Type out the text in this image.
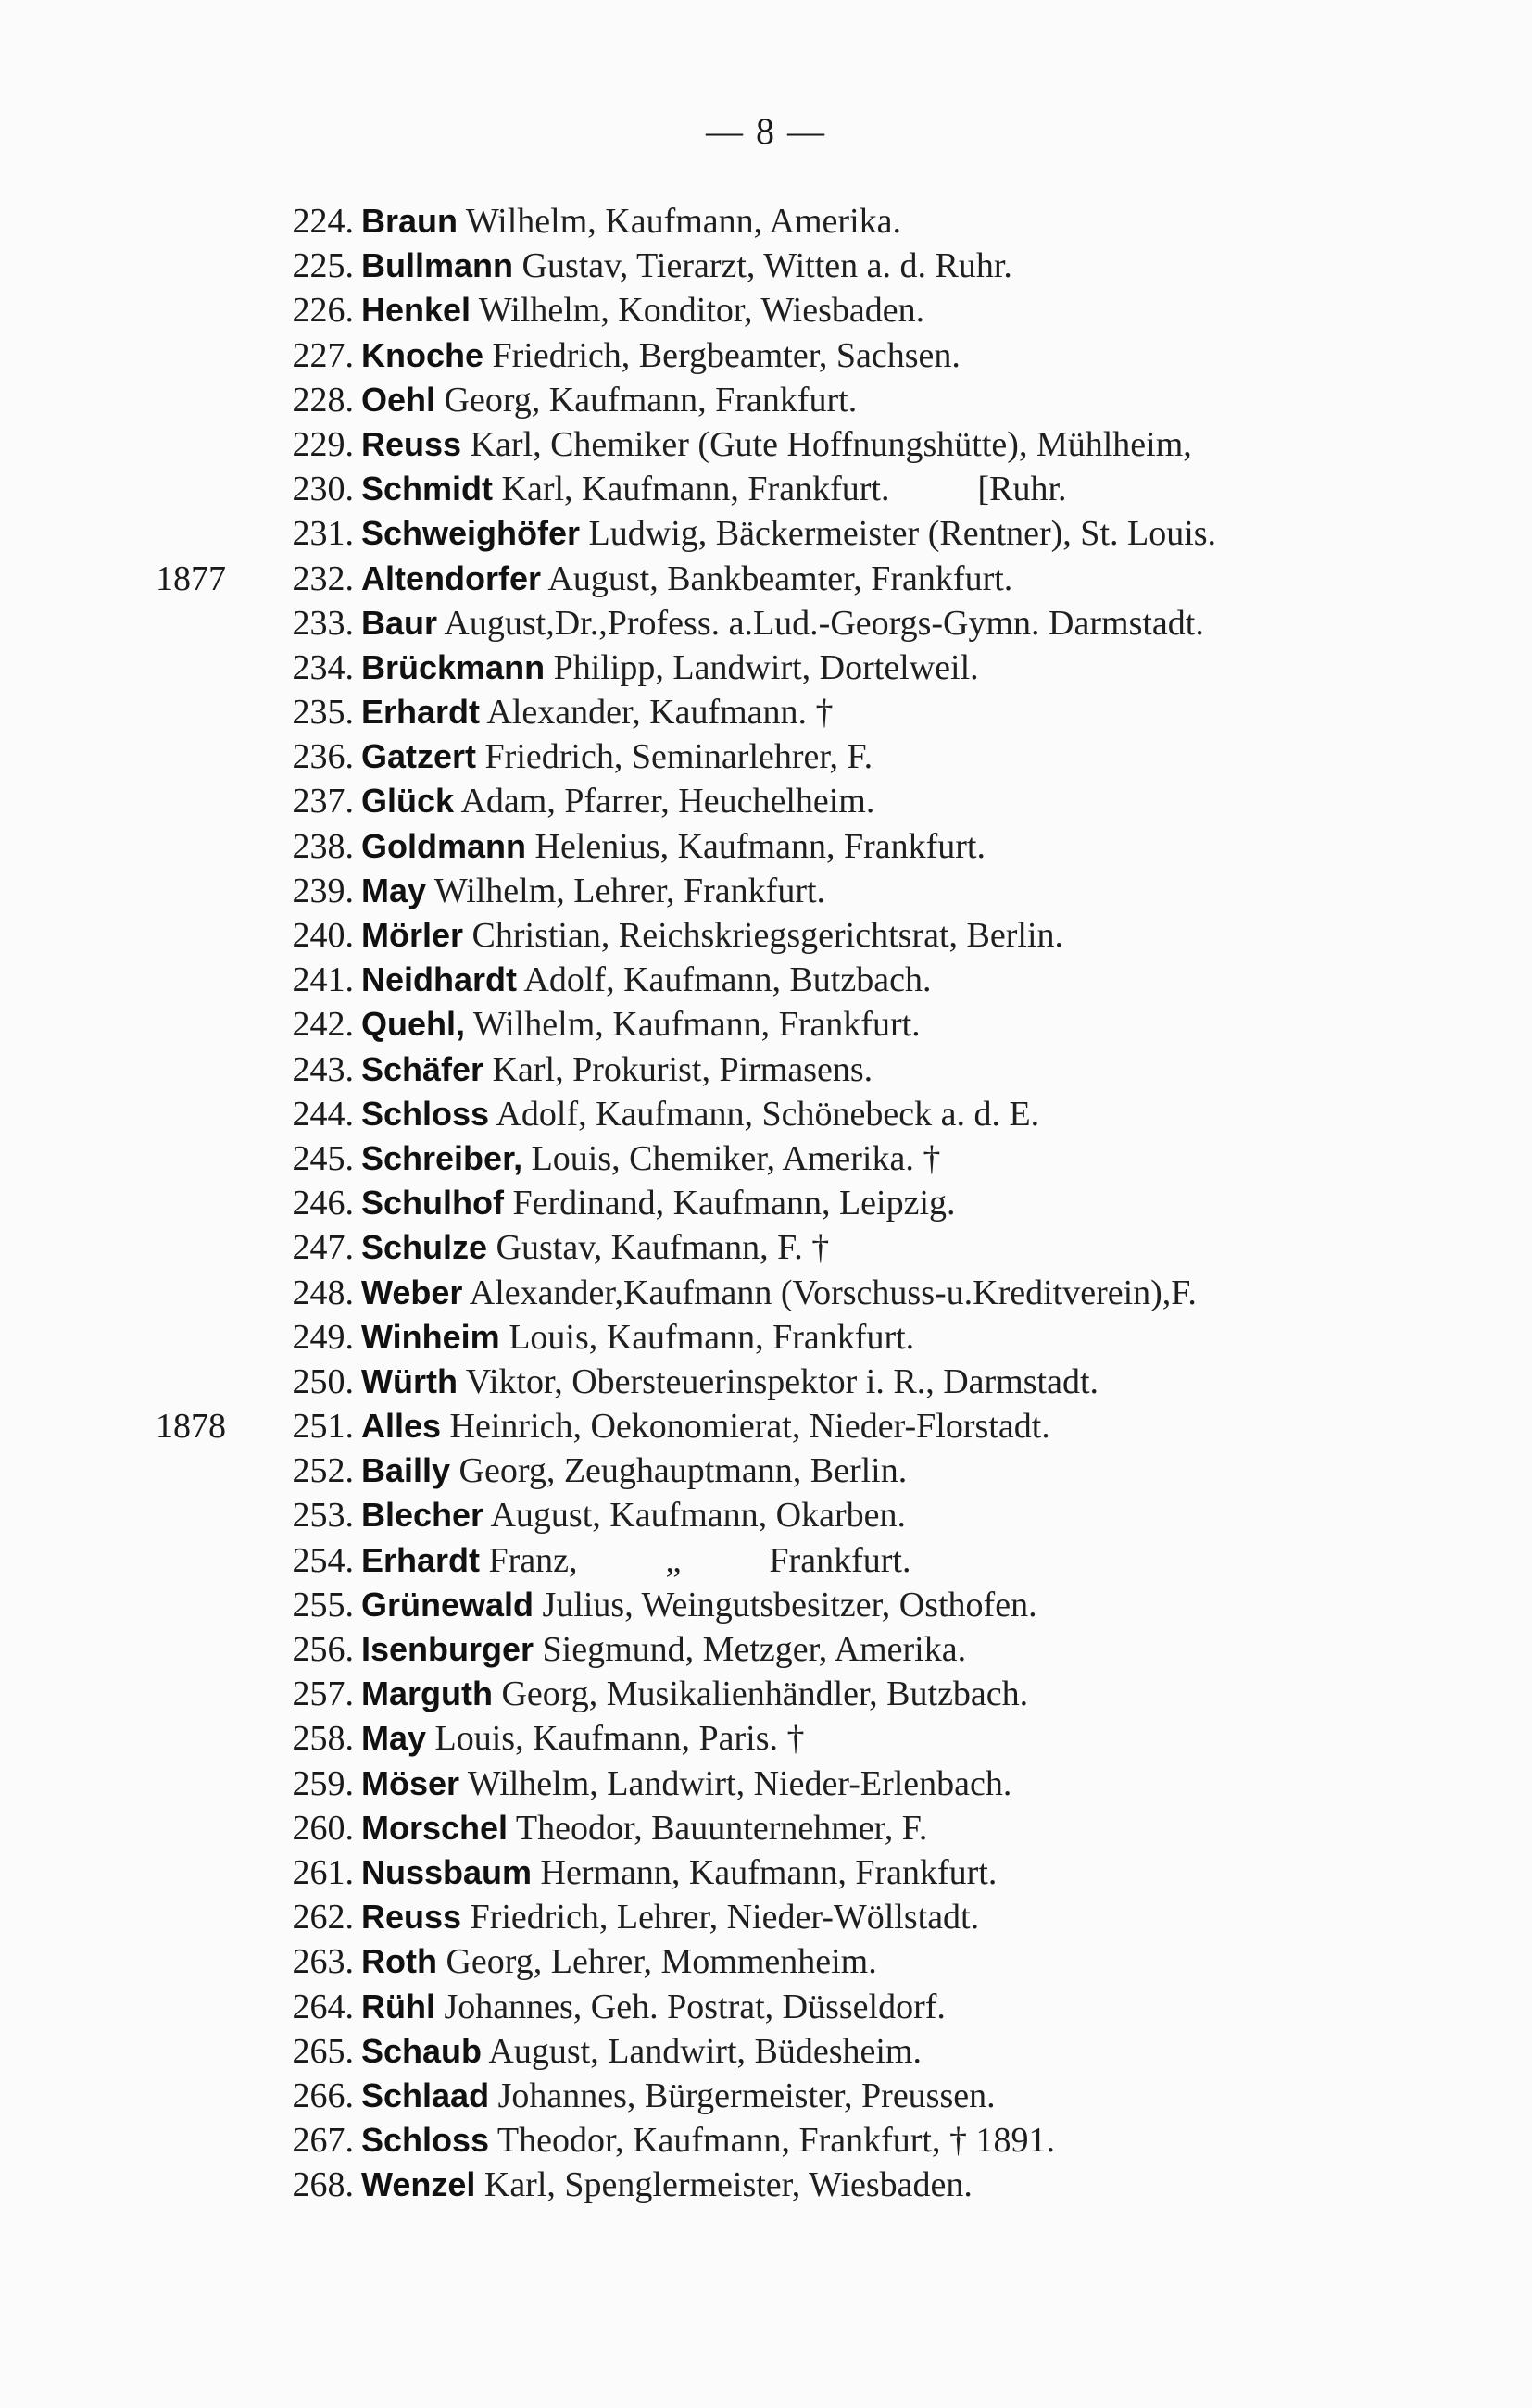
— 8 —
224. Braun Wilhelm, Kaufmann, Amerika.
225. Bullmann Gustav, Tierarzt, Witten a. d. Ruhr.
226. Henkel Wilhelm, Konditor, Wiesbaden.
227. Knoche Friedrich, Bergbeamter, Sachsen.
228. Oehl Georg, Kaufmann, Frankfurt.
229. Reuss Karl, Chemiker (Gute Hoffnungshütte), Mühlheim,
230. Schmidt Karl, Kaufmann, Frankfurt.          [Ruhr.
231. Schweighöfer Ludwig, Bäckermeister (Rentner), St. Louis.
1877	232. Altendorfer August, Bankbeamter, Frankfurt.
233. Baur August,Dr.,Profess. a.Lud.-Georgs-Gymn. Darmstadt.
234. Brückmann Philipp, Landwirt, Dortelweil.
235. Erhardt Alexander, Kaufmann. †
236. Gatzert Friedrich, Seminarlehrer, F.
237. Glück Adam, Pfarrer, Heuchelheim.
238. Goldmann Helenius, Kaufmann, Frankfurt.
239. May Wilhelm, Lehrer, Frankfurt.
240. Mörler Christian, Reichskriegsgerichtsrat, Berlin.
241. Neidhardt Adolf, Kaufmann, Butzbach.
242. Quehl, Wilhelm, Kaufmann, Frankfurt.
243. Schäfer Karl, Prokurist, Pirmasens.
244. Schloss Adolf, Kaufmann, Schönebeck a. d. E.
245. Schreiber, Louis, Chemiker, Amerika. †
246. Schulhof Ferdinand, Kaufmann, Leipzig.
247. Schulze Gustav, Kaufmann, F. †
248. Weber Alexander,Kaufmann (Vorschuss-u.Kreditverein),F.
249. Winheim Louis, Kaufmann, Frankfurt.
250. Würth Viktor, Obersteuerinspektor i. R., Darmstadt.
1878	251. Alles Heinrich, Oekonomierat, Nieder-Florstadt.
252. Bailly Georg, Zeughauptmann, Berlin.
253. Blecher August, Kaufmann, Okarben.
254. Erhardt Franz,          „          Frankfurt.
255. Grünewald Julius, Weingutsbesitzer, Osthofen.
256. Isenburger Siegmund, Metzger, Amerika.
257. Marguth Georg, Musikalienhändler, Butzbach.
258. May Louis, Kaufmann, Paris. †
259. Möser Wilhelm, Landwirt, Nieder-Erlenbach.
260. Morschel Theodor, Bauunternehmer, F.
261. Nussbaum Hermann, Kaufmann, Frankfurt.
262. Reuss Friedrich, Lehrer, Nieder-Wöllstadt.
263. Roth Georg, Lehrer, Mommenheim.
264. Rühl Johannes, Geh. Postrat, Düsseldorf.
265. Schaub August, Landwirt, Büdesheim.
266. Schlaad Johannes, Bürgermeister, Preussen.
267. Schloss Theodor, Kaufmann, Frankfurt, † 1891.
268. Wenzel Karl, Spenglermeister, Wiesbaden.
